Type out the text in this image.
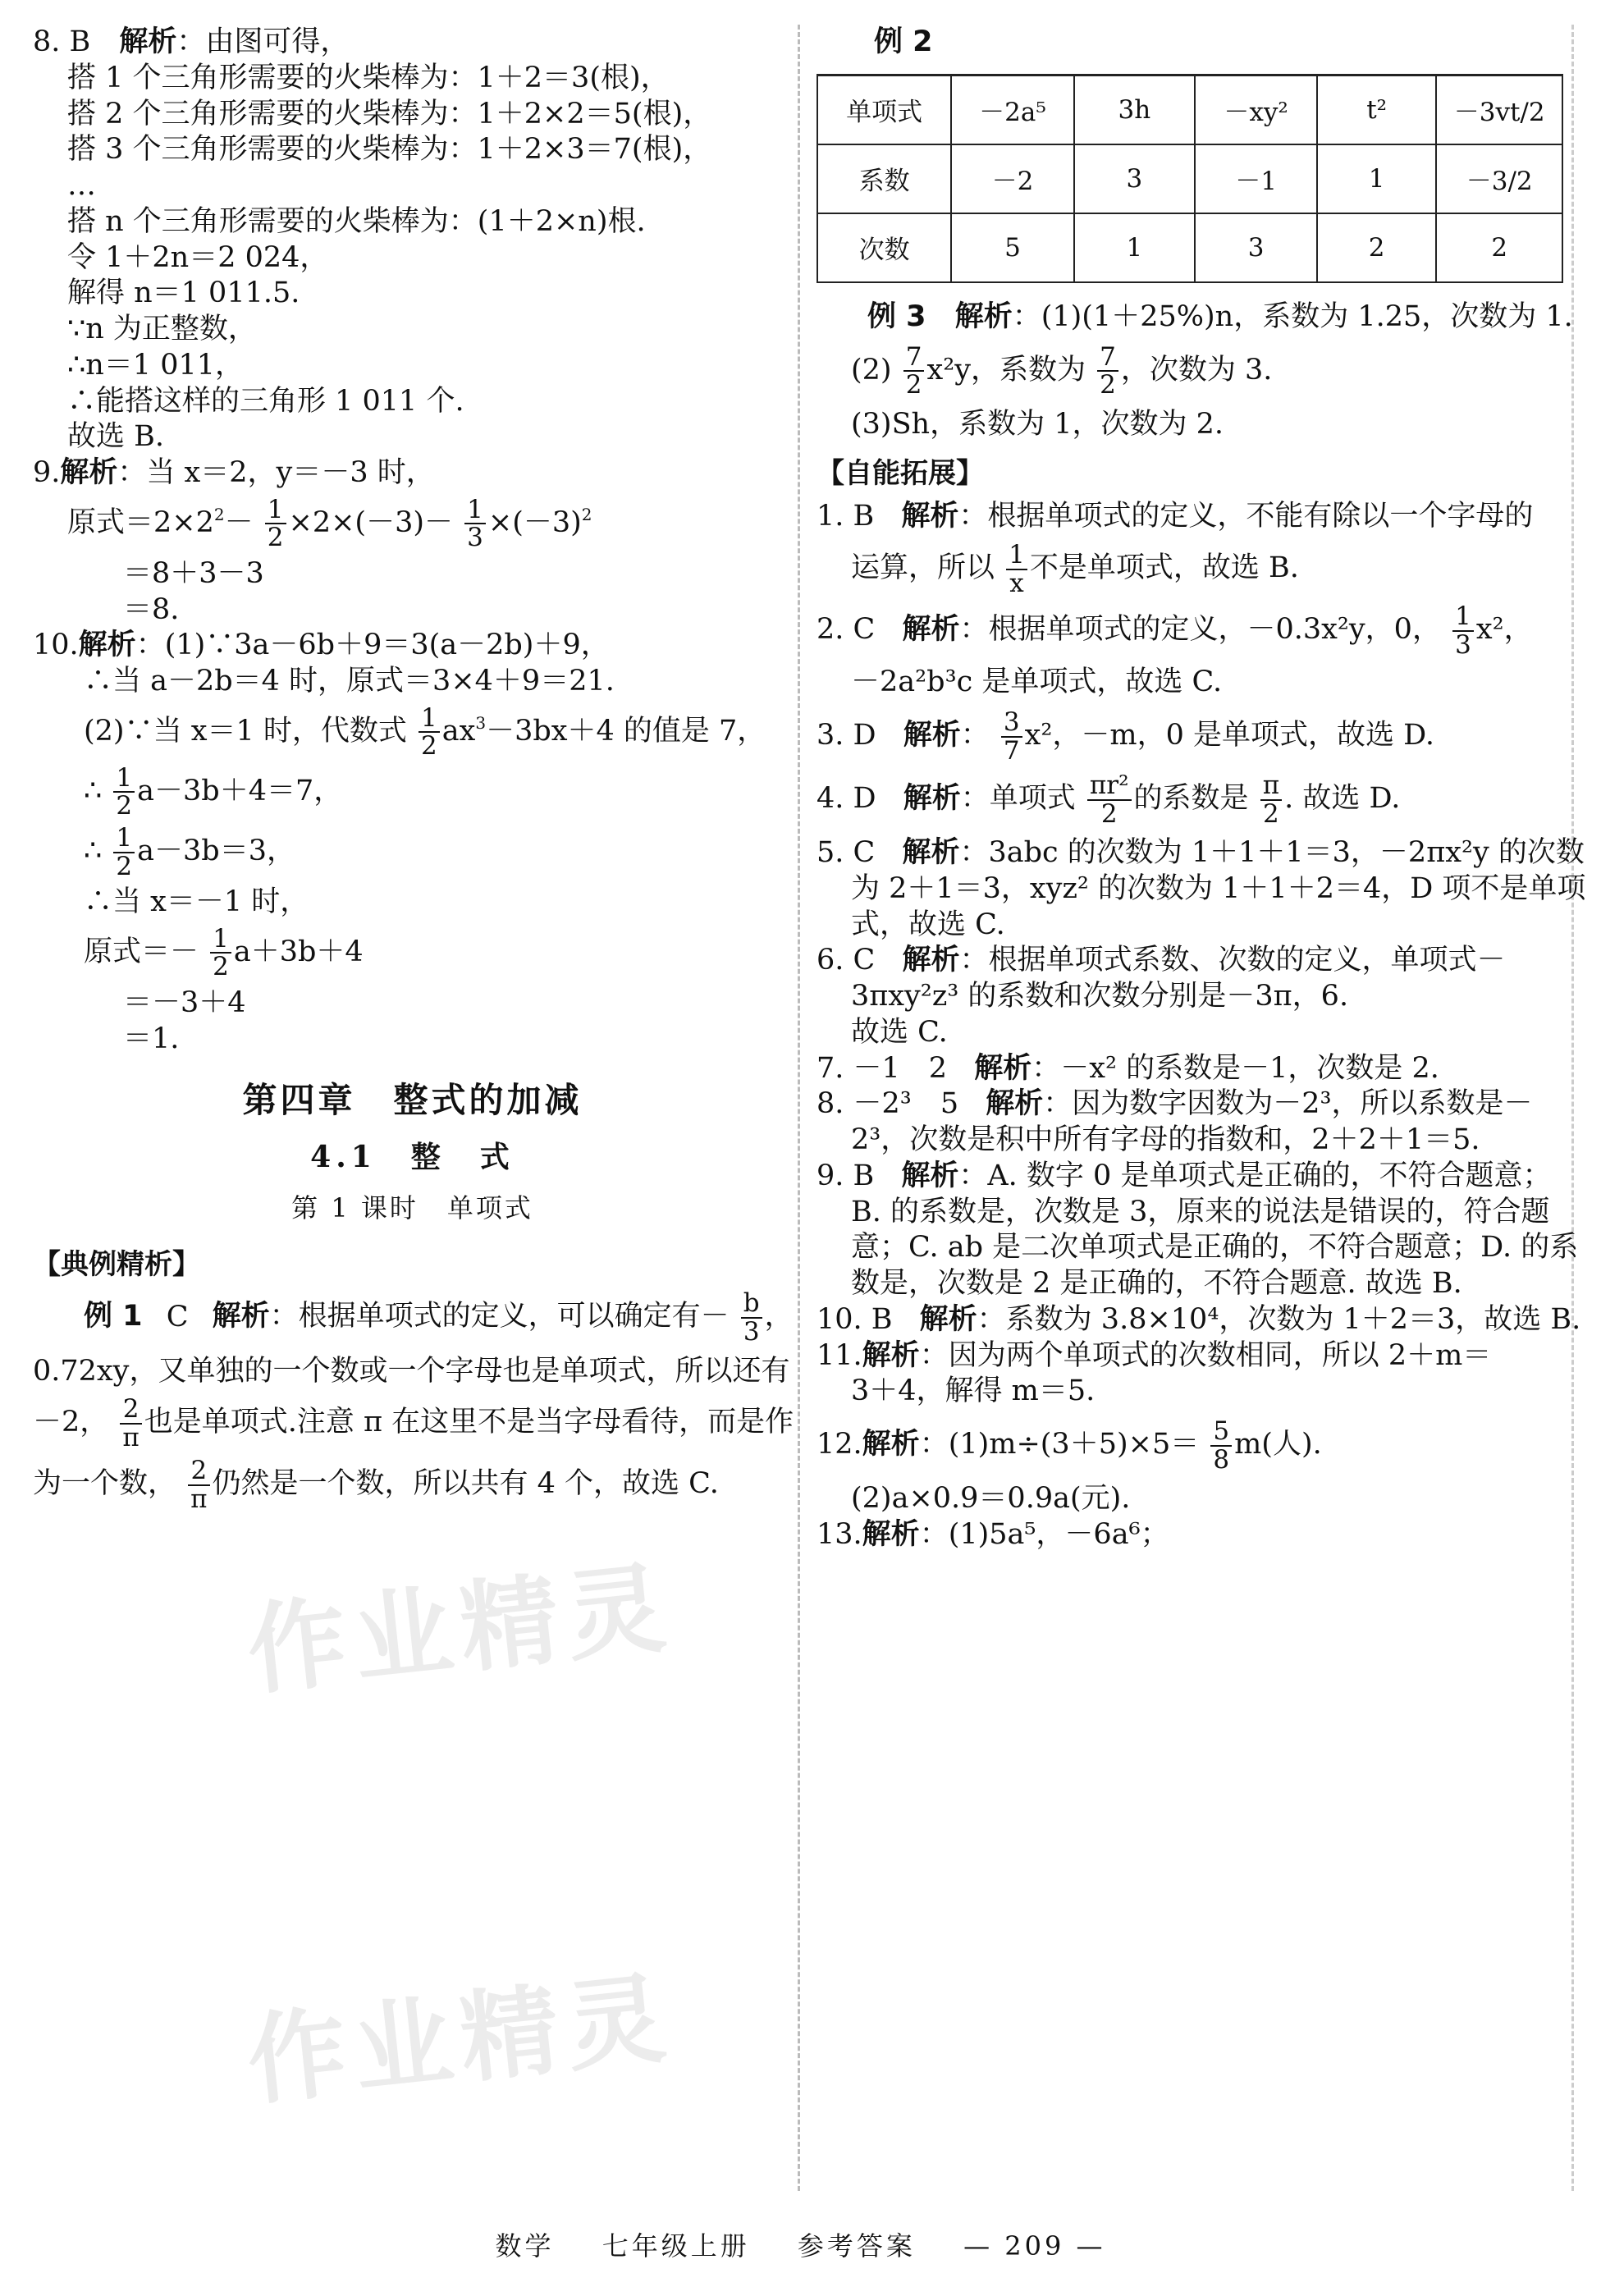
作业精灵
作业精灵

8. B 解析：由图可得，

搭 1 个三角形需要的火柴棒为：1＋2＝3(根)，

搭 2 个三角形需要的火柴棒为：1＋2×2＝5(根)，

搭 3 个三角形需要的火柴棒为：1＋2×3＝7(根)，

…

搭 n 个三角形需要的火柴棒为：(1＋2×n)根.

令 1＋2n＝2 024，

解得 n＝1 011.5.

∵n 为正整数，

∴n＝1 011，

∴能搭这样的三角形 1 011 个.

故选 B.

9.解析：当 x＝2，y＝－3 时，

原式$=2\times 2^2- \frac{1}{2} \times 2\times(-3)- \frac{1}{3} \times(-3)^2$

＝8＋3－3

＝8.

10.解析：(1)∵3a－6b＋9＝3(a－2b)＋9，

∴当 a－2b＝4 时，原式＝3×4＋9＝21.

(2)∵当 x＝1 时，代数式 $\frac{1}{2} ax^3-3bx+4$ 的值是 7，

∴ $\frac{1}{2} a-3b+4=7$，

∴ $\frac{1}{2} a-3b=3$，

∴当 x＝－1 时，

原式＝－ $\frac{1}{2} a+3b+4$

＝－3＋4

＝1.

第四章　整式的加减
4.1　整　式
第 1 课时　单项式
【典例精析】

例 1 C 解析：根据单项式的定义，可以确定有－ $\frac{b}{3}$ ，

0.72xy，又单独的一个数或一个字母也是单项式，所以还有

－2， $\frac{2}{\pi}$ 也是单项式.注意 π 在这里不是当字母看待，而是作

为一个数， $\frac{2}{\pi}$ 仍然是一个数，所以共有 4 个，故选 C.

例 2

单项式	－2a⁵	3h	－xy²	t²	－3vt/2
系数	－2	3	－1	1	－3/2
次数	5	1	3	2	2

例 3 解析：(1)(1＋25%)n，系数为 1.25，次数为 1.

$(2) \frac{7}{2} x^2y$，系数为 $\frac{7}{2}$ ，次数为 3.

(3)Sh，系数为 1，次数为 2.

【自能拓展】

1. B 解析：根据单项式的定义，不能有除以一个字母的

运算，所以 $\frac{1}{x}$ 不是单项式，故选 B.

2. C 解析：根据单项式的定义，－0.3x²y，0， $\frac{1}{3} x^2$，

－2a²b³c 是单项式，故选 C.

3. D 解析： $\frac{3}{7} x^2$，－m，0 是单项式，故选 D.

4. D 解析：单项式 $\frac{\text{πr²}}{2}$ 的系数是 $\frac{\pi}{2}$ . 故选 D.

5. C 解析：3abc 的次数为 1＋1＋1＝3，－2πx²y 的次数

为 2＋1＝3，xyz² 的次数为 1＋1＋2＝4，D 项不是单项

式，故选 C.

6. C 解析：根据单项式系数、次数的定义，单项式－

3πxy²z³ 的系数和次数分别是－3π，6.

故选 C.

7. －1　2 解析：－x² 的系数是－1，次数是 2.

8. －2³　5 解析：因为数字因数为－2³，所以系数是－

2³，次数是积中所有字母的指数和，2＋2＋1＝5.

9. B 解析：A. 数字 0 是单项式是正确的，不符合题意；

B. 的系数是，次数是 3，原来的说法是错误的，符合题

意；C. ab 是二次单项式是正确的，不符合题意；D. 的系

数是，次数是 2 是正确的，不符合题意. 故选 B.

10. B 解析：系数为 3.8×10⁴，次数为 1＋2＝3，故选 B.

11.解析：因为两个单项式的次数相同，所以 2＋m＝

3＋4，解得 m＝5.

12.解析：$(1)m\div(3+5)\times 5= \frac{5}{8} m$(人).

(2)a×0.9＝0.9a(元).

13.解析：(1)5a⁵，－6a⁶；

数学 七年级上册 参考答案 — 209 —
